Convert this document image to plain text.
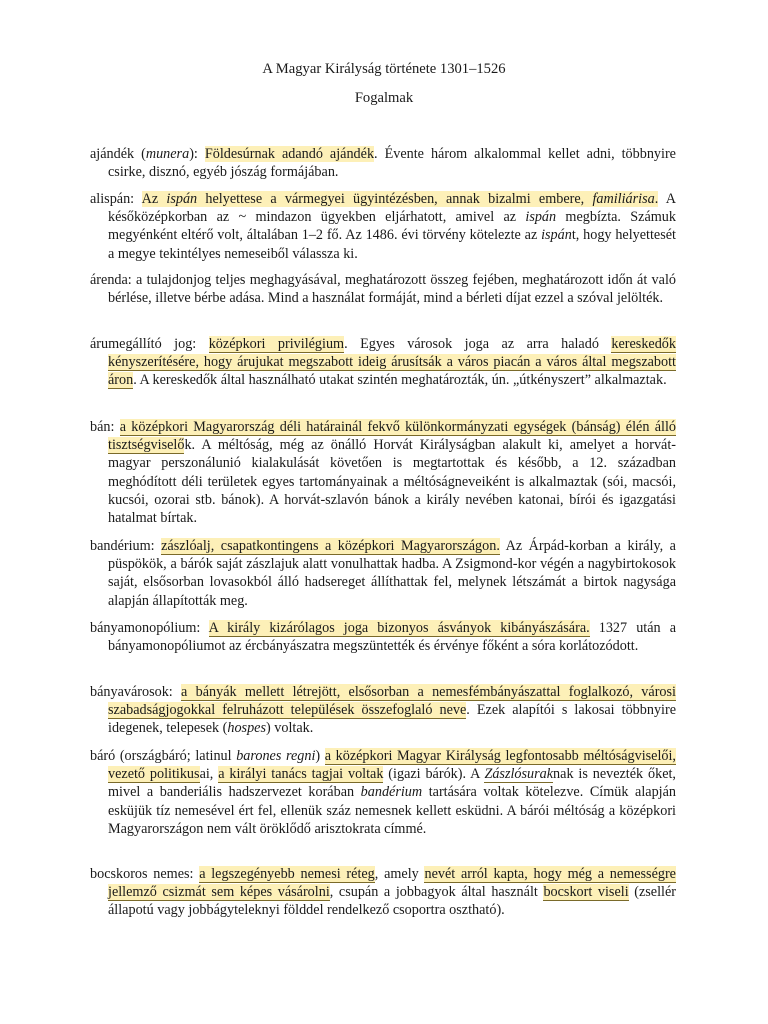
A Magyar Királyság története 1301–1526
Fogalmak
ajándék (munera): Földesúrnak adandó ajándék. Évente három alkalommal kellet adni, többnyire csirke, disznó, egyéb jószág formájában.
alispán: Az ispán helyettese a vármegyei ügyintézésben, annak bizalmi embere, familiárisa. A későközépkorban az ~ mindazon ügyekben eljárhatott, amivel az ispán megbízta. Számuk megyénként eltérő volt, általában 1–2 fő. Az 1486. évi törvény kötelezte az ispánt, hogy helyettesét a megye tekintélyes nemeseiből válassza ki.
árenda: a tulajdonjog teljes meghagyásával, meghatározott összeg fejében, meghatározott időn át való bérlése, illetve bérbe adása. Mind a használat formáját, mind a bérleti díjat ezzel a szóval jelölték.
árumegállító jog: középkori privilégium. Egyes városok joga az arra haladó kereskedők kényszerítésére, hogy árujukat megszabott ideig árusítsák a város piacán a város által megszabott áron. A kereskedők által használható utakat szintén meghatározták, ún. „útkényszert” alkalmaztak.
bán: a középkori Magyarország déli határainál fekvő különkormányzati egységek (bánság) élén álló tisztségviselők. A méltóság, még az önálló Horvát Királyságban alakult ki, amelyet a horvát-magyar perszonálunió kialakulását követően is megtartottak és később, a 12. században meghódított déli területek egyes tartományainak a méltóságneveiként is alkalmaztak (sói, macsói, kucsói, ozorai stb. bánok). A horvát-szlavón bánok a király nevében katonai, bírói és igazgatási hatalmat bírtak.
bandérium: zászlóalj, csapatkontingens a középkori Magyarországon. Az Árpád-korban a király, a püspökök, a bárók saját zászlajuk alatt vonulhattak hadba. A Zsigmond-kor végén a nagybirtokosok saját, elsősorban lovasokból álló hadsereget állíthattak fel, melynek létszámát a birtok nagysága alapján állapították meg.
bányamonopólium: A király kizárólagos joga bizonyos ásványok kibányászására. 1327 után a bányamonopóliumot az ércbányászatra megszüntették és érvénye főként a sóra korlátozódott.
bányavárosok: a bányák mellett létrejött, elsősorban a nemesfémbányászattal foglalkozó, városi szabadságjogokkal felruházott települések összefoglaló neve. Ezek alapítói s lakosai többnyire idegenek, telepesek (hospes) voltak.
báró (országbáró; latinul barones regni) a középkori Magyar Királyság legfontosabb méltóságviselői, vezető politikusai, a királyi tanács tagjai voltak (igazi bárók). A Zászlósuraknak is nevezték őket, mivel a banderiális hadszervezet korában bandérium tartására voltak kötelezve. Címük alapján esküjük tíz nemesével ért fel, ellenük száz nemesnek kellett esküdni. A bárói méltóság a középkori Magyarországon nem vált öröklődő arisztokrata címmé.
bocskoros nemes: a legszegényebb nemesi réteg, amely nevét arról kapta, hogy még a nemességre jellemző csizmát sem képes vásárolni, csupán a jobbagyok által használt bocskort viseli (zsellér állapotú vagy jobbágyteleknyi földdel rendelkező csoportra osztható).
